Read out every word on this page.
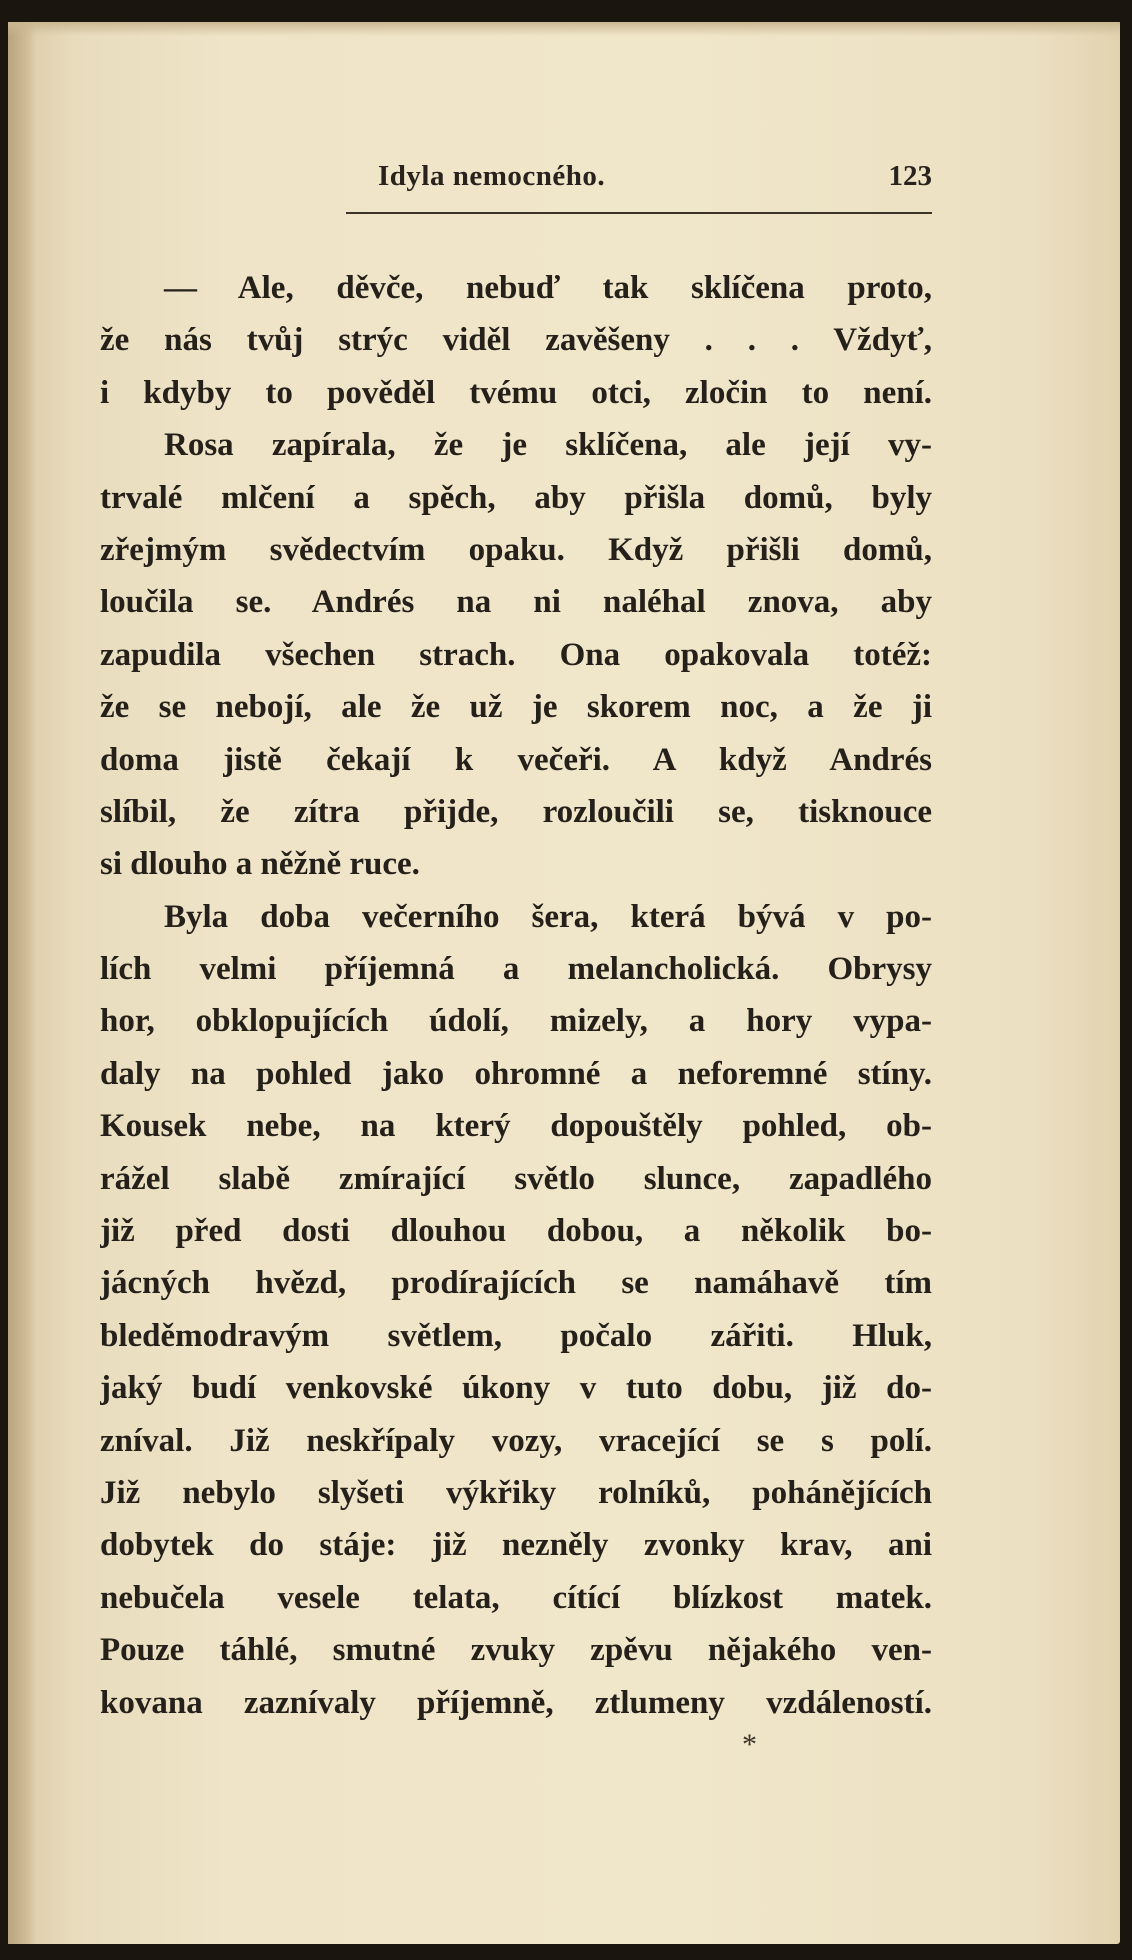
Idyla nemocného.	123
— Ale, děvče, nebuď tak sklíčena proto,
že nás tvůj strýc viděl zavěšeny . . . Vždyť,
i kdyby to pověděl tvému otci, zločin to není.
Rosa zapírala, že je sklíčena, ale její vy-
trvalé mlčení a spěch, aby přišla domů, byly
zřejmým svědectvím opaku. Když přišli domů,
loučila se. Andrés na ni naléhal znova, aby
zapudila všechen strach. Ona opakovala totéž:
že se nebojí, ale že už je skorem noc, a že ji
doma jistě čekají k večeři. A když Andrés
slíbil, že zítra přijde, rozloučili se, tisknouce
si dlouho a něžně ruce.
Byla doba večerního šera, která bývá v po-
lích velmi příjemná a melancholická. Obrysy
hor, obklopujících údolí, mizely, a hory vypa-
daly na pohled jako ohromné a neforemné stíny.
Kousek nebe, na který dopouštěly pohled, ob-
rážel slabě zmírající světlo slunce, zapadlého
již před dosti dlouhou dobou, a několik bo-
jácných hvězd, prodírajících se namáhavě tím
bleděmodravým světlem, počalo zářiti. Hluk,
jaký budí venkovské úkony v tuto dobu, již do-
zníval. Již neskřípaly vozy, vracející se s polí.
Již nebylo slyšeti výkřiky rolníků, pohánějících
dobytek do stáje: již nezněly zvonky krav, ani
nebučela vesele telata, cítící blízkost matek.
Pouze táhlé, smutné zvuky zpěvu nějakého ven-
kovana zaznívaly příjemně, ztlumeny vzdáleností.
*
